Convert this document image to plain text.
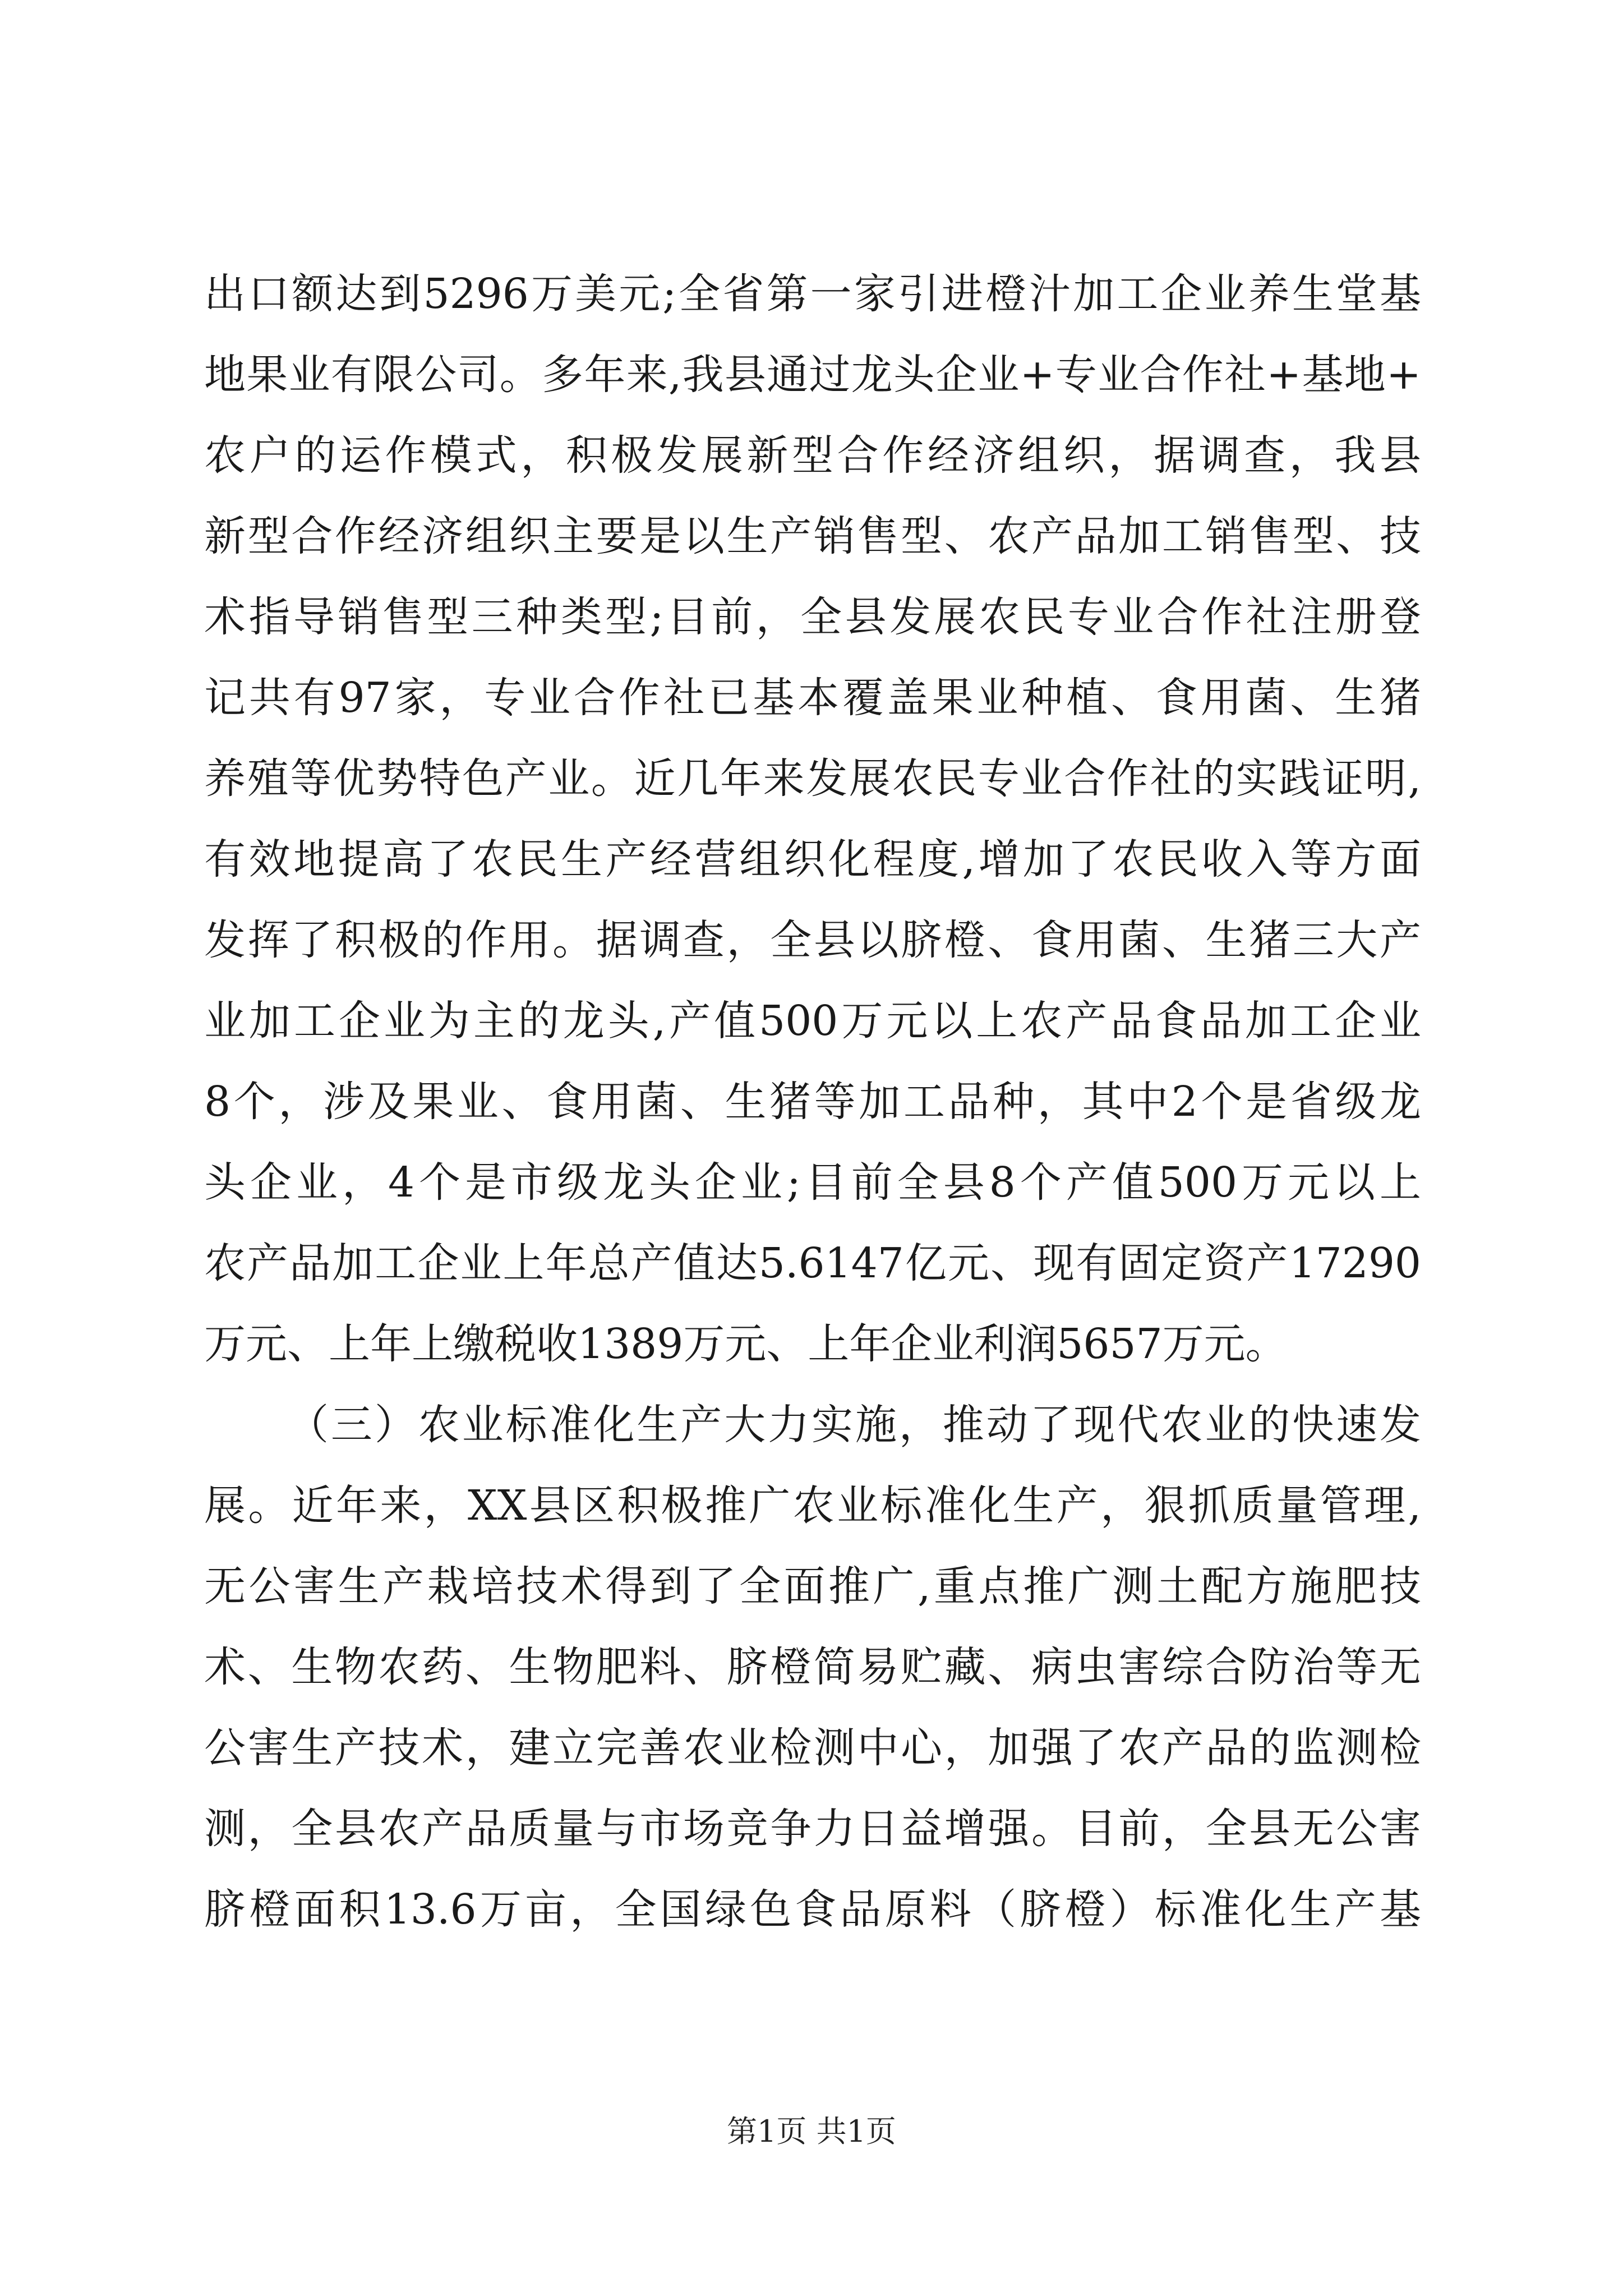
出口额达到5296万美元;全省第一家引进橙汁加工企业养生堂基
地果业有限公司。多年来,我县通过龙头企业+专业合作社+基地+
农户的运作模式，积极发展新型合作经济组织，据调查，我县
新型合作经济组织主要是以生产销售型、农产品加工销售型、技
术指导销售型三种类型;目前，全县发展农民专业合作社注册登
记共有97家，专业合作社已基本覆盖果业种植、食用菌、生猪
养殖等优势特色产业。近几年来发展农民专业合作社的实践证明,
有效地提高了农民生产经营组织化程度,增加了农民收入等方面
发挥了积极的作用。据调查，全县以脐橙、食用菌、生猪三大产
业加工企业为主的龙头,产值500万元以上农产品食品加工企业
8个，涉及果业、食用菌、生猪等加工品种，其中2个是省级龙
头企业，4个是市级龙头企业;目前全县8个产值500万元以上
农产品加工企业上年总产值达5.6147亿元、现有固定资产17290
万元、上年上缴税收1389万元、上年企业利润5657万元。
（三）农业标准化生产大力实施，推动了现代农业的快速发
展。近年来，XX县区积极推广农业标准化生产，狠抓质量管理,
无公害生产栽培技术得到了全面推广,重点推广测土配方施肥技
术、生物农药、生物肥料、脐橙简易贮藏、病虫害综合防治等无
公害生产技术，建立完善农业检测中心，加强了农产品的监测检
测，全县农产品质量与市场竞争力日益增强。目前，全县无公害
脐橙面积13.6万亩，全国绿色食品原料（脐橙）标准化生产基
第1页 共1页
